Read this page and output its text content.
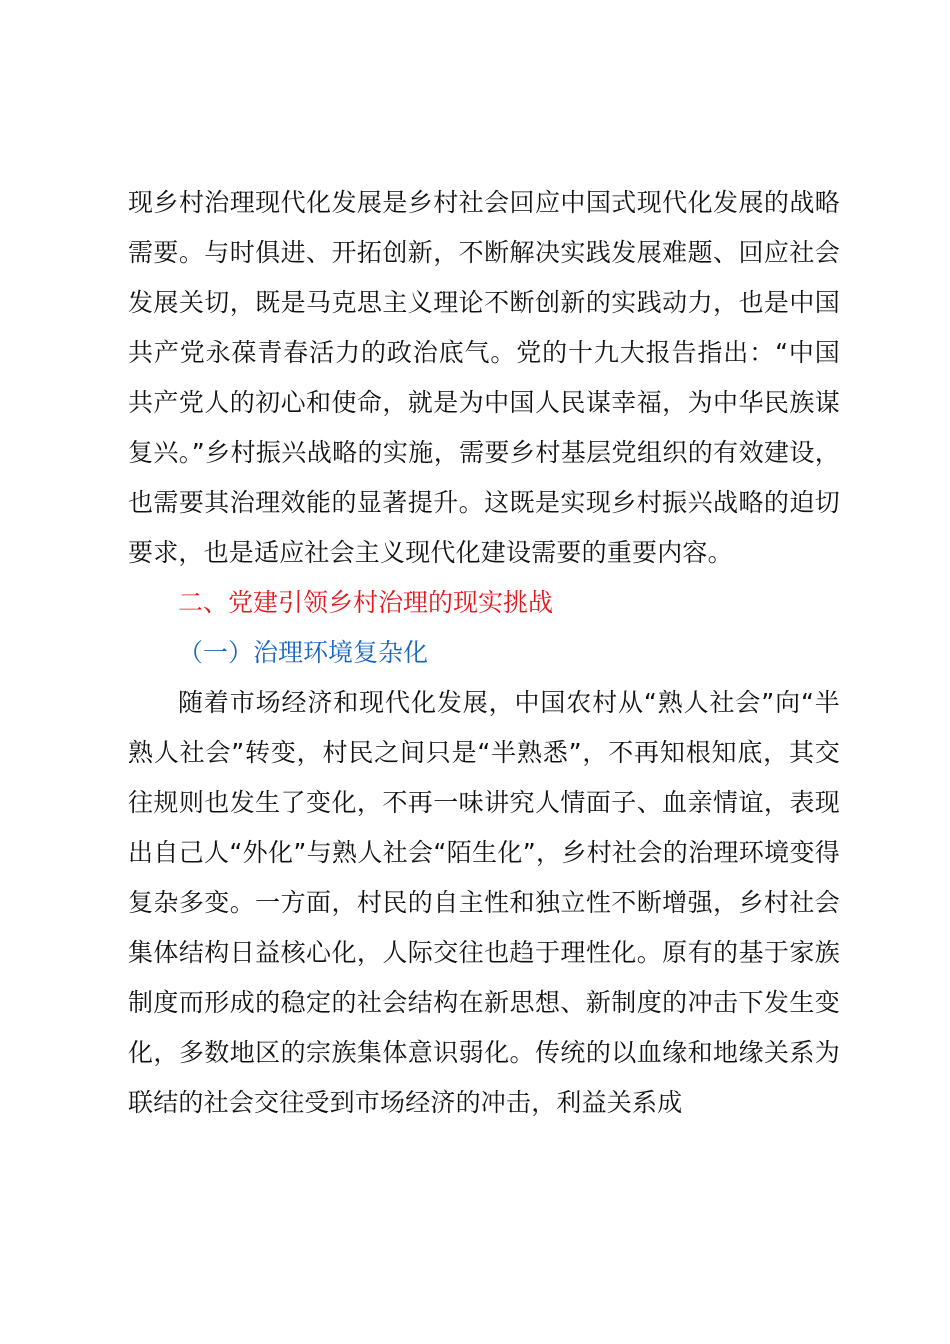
现乡村治理现代化发展是乡村社会回应中国式现代化发展的战略需要。与时俱进、开拓创新，不断解决实践发展难题、回应社会发展关切，既是马克思主义理论不断创新的实践动力，也是中国共产党永葆青春活力的政治底气。党的十九大报告指出：“中国共产党人的初心和使命，就是为中国人民谋幸福，为中华民族谋复兴。”乡村振兴战略的实施，需要乡村基层党组织的有效建设，也需要其治理效能的显著提升。这既是实现乡村振兴战略的迫切要求，也是适应社会主义现代化建设需要的重要内容。

二、党建引领乡村治理的现实挑战

（一）治理环境复杂化

随着市场经济和现代化发展，中国农村从“熟人社会”向“半熟人社会”转变，村民之间只是“半熟悉”，不再知根知底，其交往规则也发生了变化，不再一味讲究人情面子、血亲情谊，表现出自己人“外化”与熟人社会“陌生化”，乡村社会的治理环境变得复杂多变。一方面，村民的自主性和独立性不断增强，乡村社会集体结构日益核心化，人际交往也趋于理性化。原有的基于家族制度而形成的稳定的社会结构在新思想、新制度的冲击下发生变化，多数地区的宗族集体意识弱化。传统的以血缘和地缘关系为联结的社会交往受到市场经济的冲击，利益关系成
